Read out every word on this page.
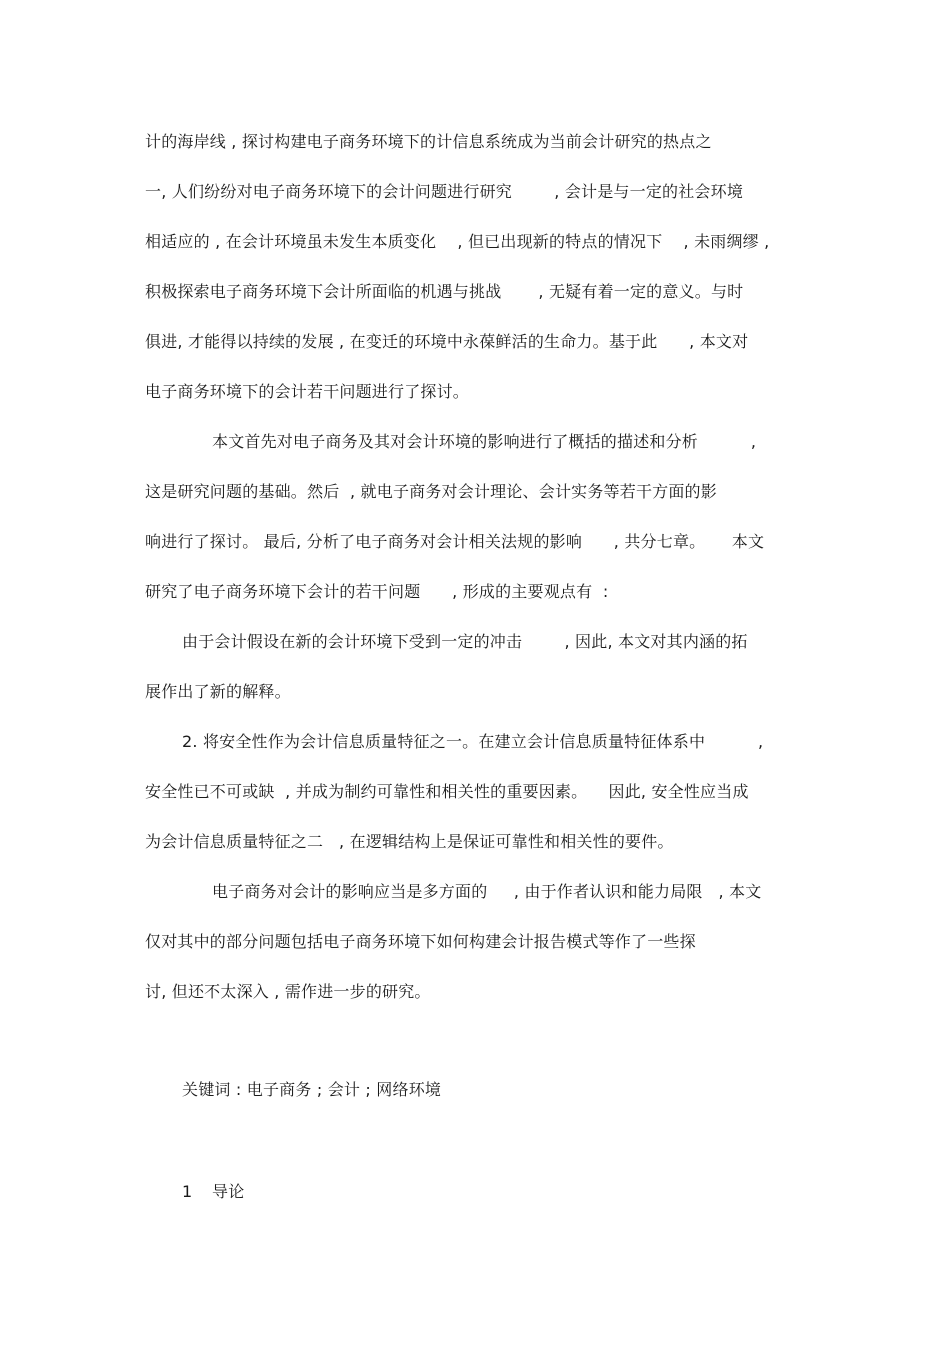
计的海岸线 , 探讨构建电子商务环境下的计信息系统成为当前会计研究的热点之
一, 人们纷纷对电子商务环境下的会计问题进行研究        , 会计是与一定的社会环境
相适应的 , 在会计环境虽未发生本质变化    , 但已出现新的特点的情况下    , 未雨绸缪 ,
积极探索电子商务环境下会计所面临的机遇与挑战       , 无疑有着一定的意义。与时
俱进, 才能得以持续的发展 , 在变迁的环境中永葆鲜活的生命力。基于此      , 本文对
电子商务环境下的会计若干问题进行了探讨。
本文首先对电子商务及其对会计环境的影响进行了概括的描述和分析          ,
这是研究问题的基础。然后  , 就电子商务对会计理论、会计实务等若干方面的影
响进行了探讨。 最后, 分析了电子商务对会计相关法规的影响      , 共分七章。     本文
研究了电子商务环境下会计的若干问题      , 形成的主要观点有  :
由于会计假设在新的会计环境下受到一定的冲击        , 因此, 本文对其内涵的拓
展作出了新的解释。
2. 将安全性作为会计信息质量特征之一。在建立会计信息质量特征体系中          ,
安全性已不可或缺  , 并成为制约可靠性和相关性的重要因素。    因此, 安全性应当成
为会计信息质量特征之二   , 在逻辑结构上是保证可靠性和相关性的要件。
电子商务对会计的影响应当是多方面的     , 由于作者认识和能力局限   , 本文
仅对其中的部分问题包括电子商务环境下如何构建会计报告模式等作了一些探
讨, 但还不太深入 , 需作进一步的研究。
关键词 : 电子商务 ; 会计 ; 网络环境
1 导论
